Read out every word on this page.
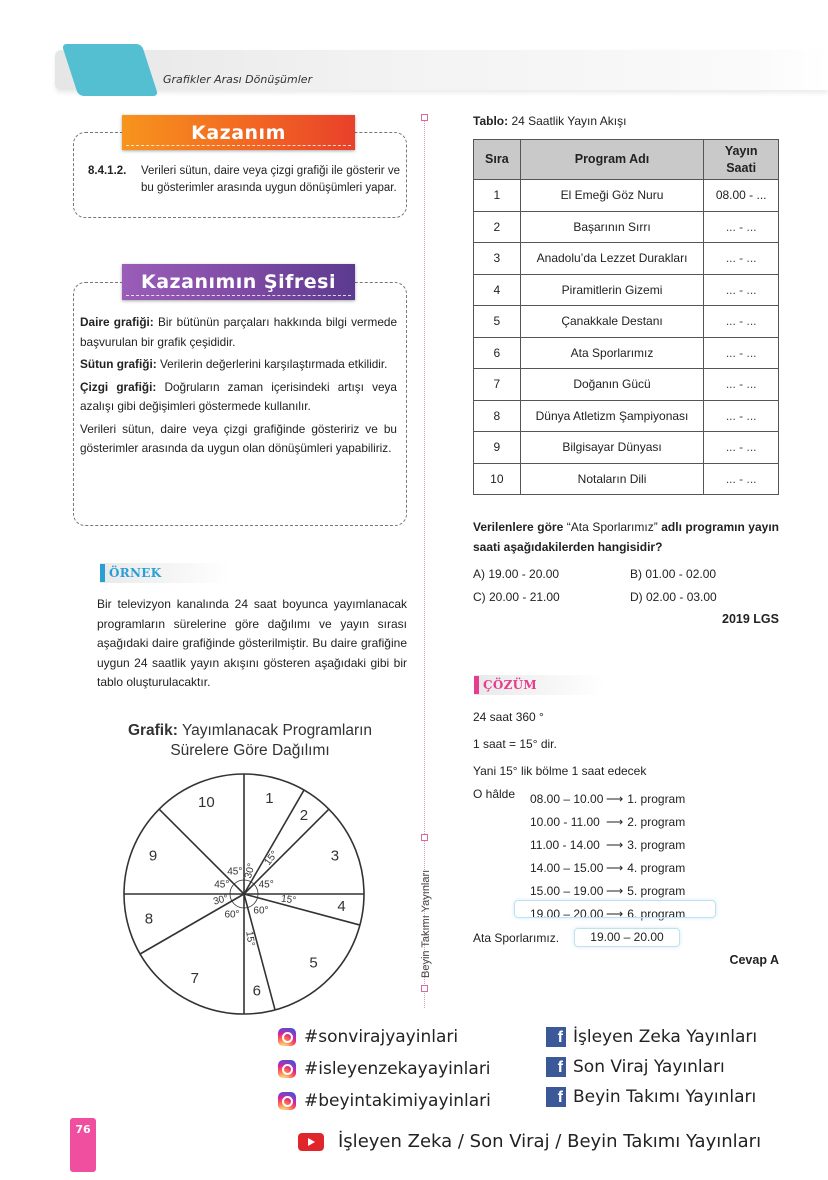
Grafikler Arası Dönüşümler
Kazanım
8.4.1.2.	Verileri sütun, daire veya çizgi grafiği ile gösterir ve bu gösterimler arasında uygun dönüşümleri yapar.
Kazanımın Şifresi

Daire grafiği: Bir bütünün parçaları hakkında bilgi vermede başvurulan bir grafik çeşididir.

Sütun grafiği: Verilerin değerlerini karşılaştırmada etkilidir.

Çizgi grafiği: Doğruların zaman içerisindeki artışı veya azalışı gibi değişimleri göstermede kullanılır.

Verileri sütun, daire veya çizgi grafiğinde gösteririz ve bu gösterimler arasında da uygun olan dönüşümleri yapabiliriz.

ÖRNEK
Bir televizyon kanalında 24 saat boyunca yayımlanacak programların sürelerine göre dağılımı ve yayın sırası aşağıdaki daire grafiğinde gösterilmiştir. Bu daire grafiğine uygun 24 saatlik yayın akışını gösteren aşağıdaki gibi bir tablo oluşturulacaktır.
Grafik: Yayımlanacak Programların Sürelere Göre Dağılımı
1
30°
2
15°	3
45°
4
15°
5
60°
6
15°
7
60°
8
30°
9
45°
10
45°	Beyin Takımı Yayınları
Tablo: 24 Saatlik Yayın Akışı
Sıra	Program Adı	Yayın Saati
1	El Emeği Göz Nuru	08.00 - ...
2	Başarının Sırrı	... - ...
3	Anadolu’da Lezzet Durakları	... - ...
4	Piramitlerin Gizemi	... - ...
5	Çanakkale Destanı	... - ...
6	Ata Sporlarımız	... - ...
7	Doğanın Gücü	... - ...
8	Dünya Atletizm Şampiyonası	... - ...
9	Bilgisayar Dünyası	... - ...
10	Notaların Dili	... - ...
Verilenlere göre “Ata Sporlarımız” adlı programın yayın saati aşağıdakilerden hangisidir?
A) 19.00 - 20.00	B) 01.00 - 02.00
C) 20.00 - 21.00	D) 02.00 - 03.00
2019 LGS
ÇÖZÜM
24 saat 360 °
1 saat = 15° dir.
Yani 15° lik bölme 1 saat edecek
O hâlde 08.00 – 10.00 ⟶ 1. program
10.00 - 11.00 ⟶ 2. program
11.00 - 14.00 ⟶ 3. program
14.00 – 15.00 ⟶ 4. program
15.00 – 19.00 ⟶ 5. program
19.00 – 20.00 ⟶ 6. program
Ata Sporlarımız.	19.00 – 20.00
Cevap A
#sonvirajyayinlari
#isleyenzekayayinlari
#beyintakimiyayinlari
f İşleyen Zeka Yayınları
f Son Viraj Yayınları
f Beyin Takımı Yayınları
İşleyen Zeka / Son Viraj / Beyin Takımı Yayınları
76
